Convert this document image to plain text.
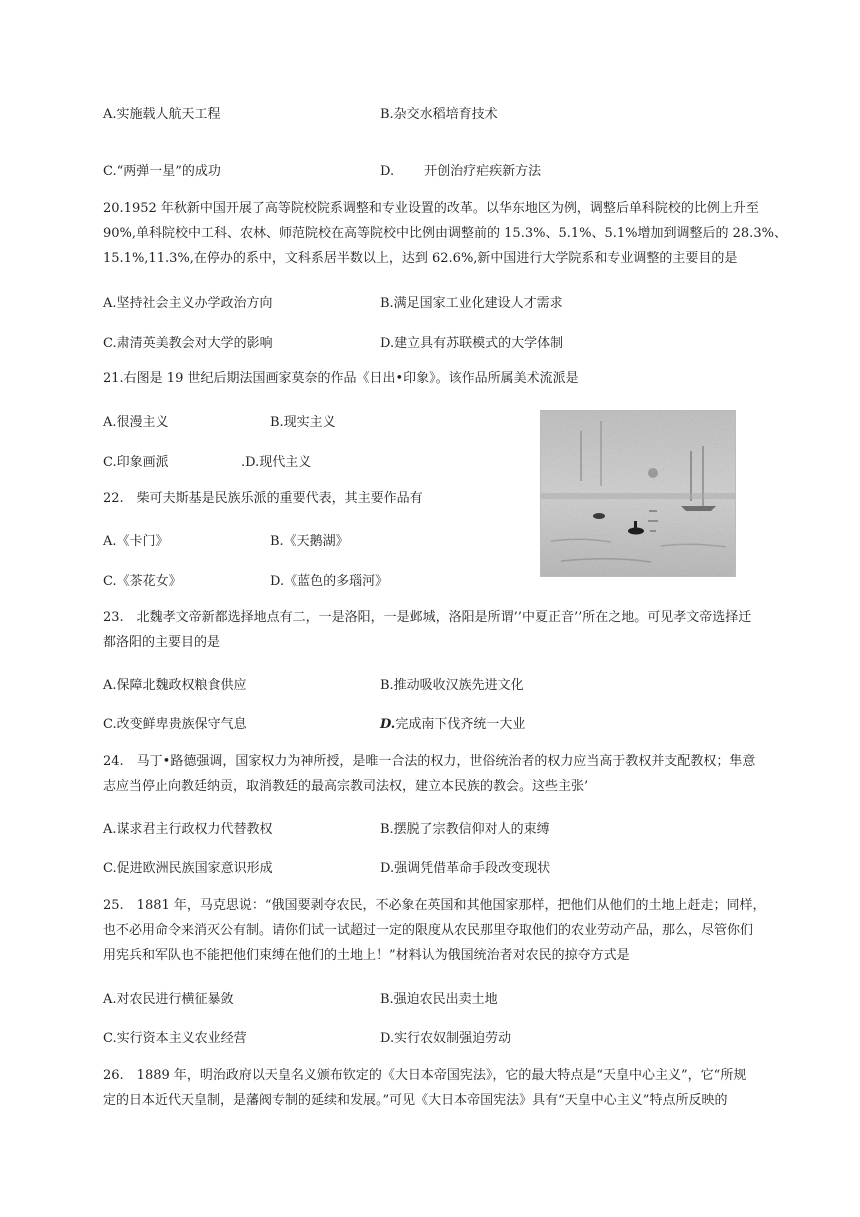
A.实施载人航天工程	B.杂交水稻培育技术
C.“两弹一星”的成功	D. 开创治疗疟疾新方法
20.1952 年秋新中国开展了高等院校院系调整和专业设置的改革。以华东地区为例，调整后单科院校的比例上升至
90%,单科院校中工科、农林、师范院校在高等院校中比例由调整前的 15.3%、5.1%、5.1%增加到调整后的 28.3%、
15.1%,11.3%,在停办的系中，文科系居半数以上，达到 62.6%,新中国进行大学院系和专业调整的主要目的是
A.坚持社会主义办学政治方向	B.满足国家工业化建设人才需求
C.肃清英美教会对大学的影响	D.建立具有苏联模式的大学体制
21.右图是 19 世纪后期法国画家莫奈的作品《日出•印象》。该作品所属美术流派是
A.很漫主义	B.现实主义
C.印象画派	.D.现代主义
22.　柴可夫斯基是民族乐派的重要代表，其主要作品有
A.《卡门》	B.《天鹅湖》
C.《茶花女》	D.《蓝色的多瑙河》
23.　北魏孝文帝新都选择地点有二，一是洛阳，一是邺城，洛阳是所谓’’中夏正音’’所在之地。可见孝文帝选择迁
都洛阳的主要目的是
A.保障北魏政权粮食供应	B.推动吸收汉族先进文化
C.改变鲜卑贵族保守气息	D.完成南下伐齐统一大业
24.　马丁•路德强调，国家权力为神所授，是唯一合法的权力，世俗统治者的权力应当高于教权并支配教权；隼意
志应当停止向教廷纳贡，取消教廷的最高宗教司法权，建立本民族的教会。这些主张’
A.谋求君主行政权力代替教权	B.摆脱了宗教信仰对人的束缚
C.促进欧洲民族国家意识形成	D.强调凭借革命手段改变现状
25.　1881 年，马克思说：“俄国要剥夺农民，不必象在英国和其他国家那样，把他们从他们的土地上赶走；同样，
也不必用命令来消灭公有制。请你们试一试超过一定的限度从农民那里夺取他们的农业劳动产品，那么，尽管你们
用宪兵和军队也不能把他们束缚在他们的土地上！”材料认为俄国统治者对农民的掠夺方式是
A.对农民进行横征暴敛	B.强迫农民出卖土地
C.实行资本主义农业经营	D.实行农奴制强迫劳动
26.　1889 年，明治政府以天皇名义颁布钦定的《大日本帝国宪法》，它的最大特点是“天皇中心主义”，它“所规
定的日本近代天皇制，是藩阀专制的延续和发展。”可见《大日本帝国宪法》具有“天皇中心主义”特点所反映的
